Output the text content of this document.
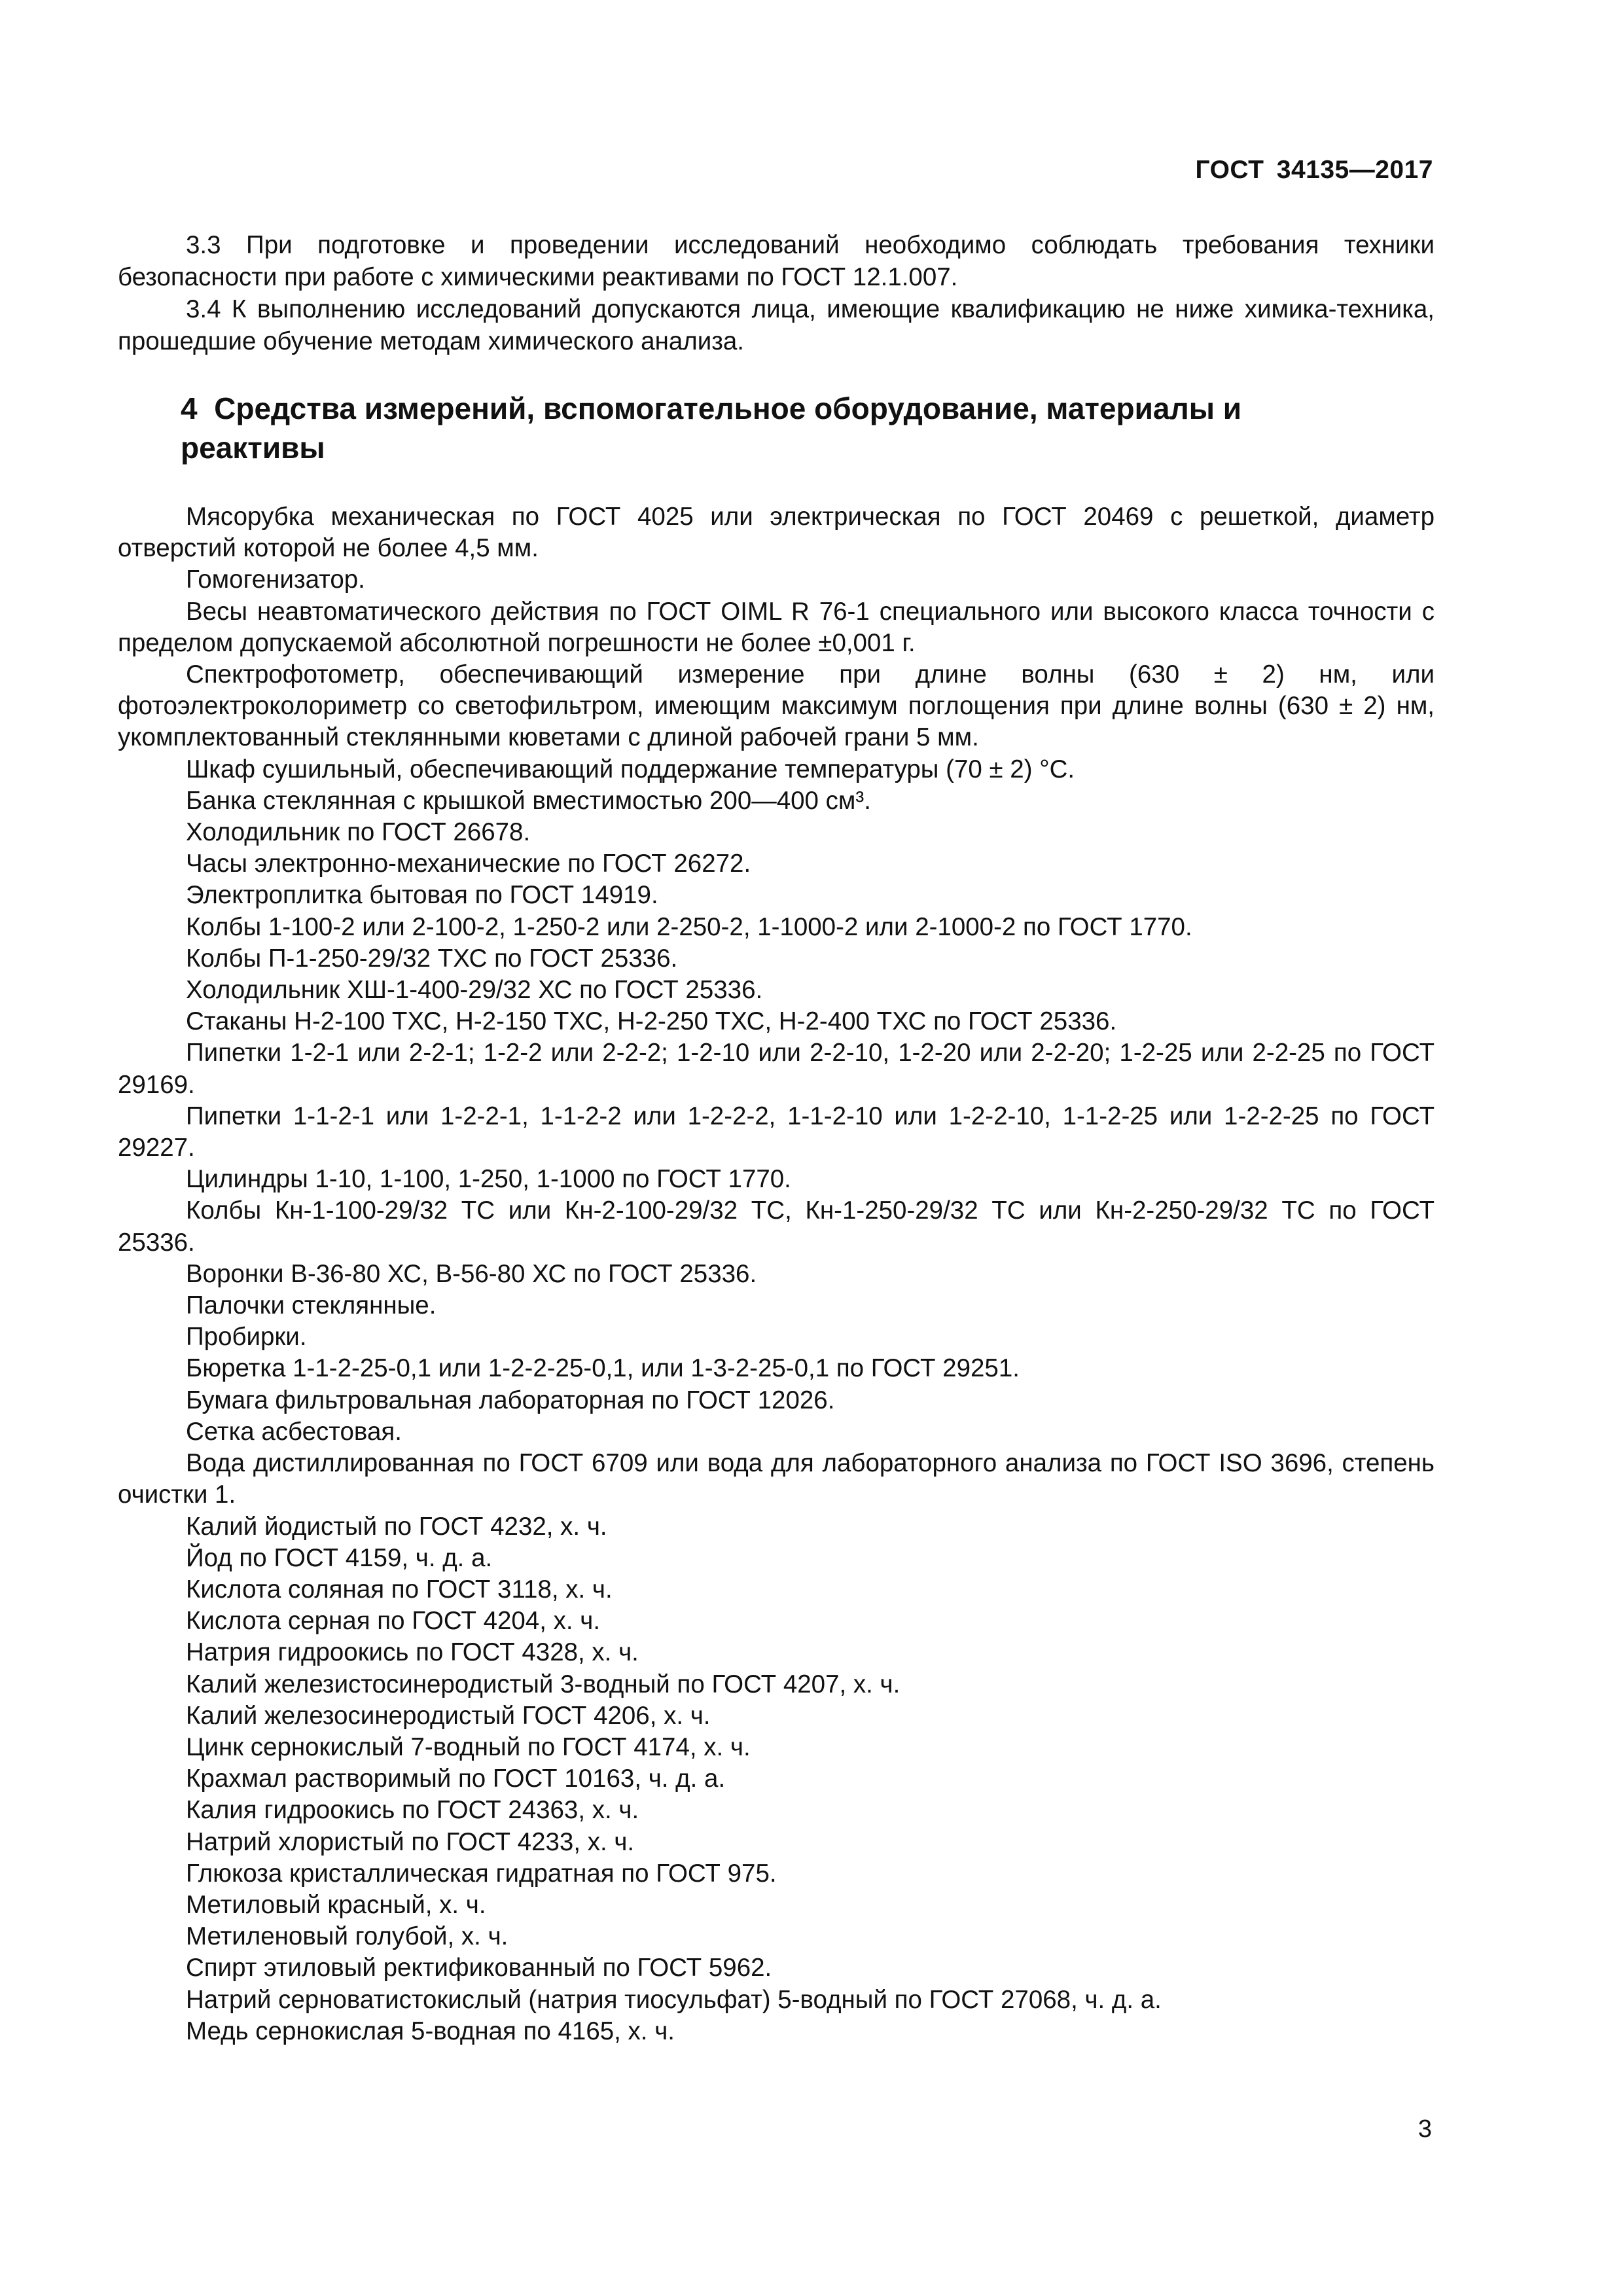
ГОСТ 34135—2017

3.3 При подготовке и проведении исследований необходимо соблюдать требования техники безопасности при работе с химическими реактивами по ГОСТ 12.1.007.

3.4 К выполнению исследований допускаются лица, имеющие квалификацию не ниже химика-техника, прошедшие обучение методам химического анализа.

4 Средства измерений, вспомогательное оборудование, материалы и реактивы

Мясорубка механическая по ГОСТ 4025 или электрическая по ГОСТ 20469 с решеткой, диаметр отверстий которой не более 4,5 мм.

Гомогенизатор.

Весы неавтоматического действия по ГОСТ OIML R 76-1 специального или высокого класса точности с пределом допускаемой абсолютной погрешности не более ±0,001 г.

Спектрофотометр, обеспечивающий измерение при длине волны (630 ± 2) нм, или фотоэлектроколориметр со светофильтром, имеющим максимум поглощения при длине волны (630 ± 2) нм, укомплектованный стеклянными кюветами с длиной рабочей грани 5 мм.

Шкаф сушильный, обеспечивающий поддержание температуры (70 ± 2) °С.

Банка стеклянная с крышкой вместимостью 200—400 см³.

Холодильник по ГОСТ 26678.

Часы электронно-механические по ГОСТ 26272.

Электроплитка бытовая по ГОСТ 14919.

Колбы 1-100-2 или 2-100-2, 1-250-2 или 2-250-2, 1-1000-2 или 2-1000-2 по ГОСТ 1770.

Колбы П-1-250-29/32 ТХС по ГОСТ 25336.

Холодильник ХШ-1-400-29/32 ХС по ГОСТ 25336.

Стаканы Н-2-100 ТХС, Н-2-150 ТХС, Н-2-250 ТХС, Н-2-400 ТХС по ГОСТ 25336.

Пипетки 1-2-1 или 2-2-1; 1-2-2 или 2-2-2; 1-2-10 или 2-2-10, 1-2-20 или 2-2-20; 1-2-25 или 2-2-25 по ГОСТ 29169.

Пипетки 1-1-2-1 или 1-2-2-1, 1-1-2-2 или 1-2-2-2, 1-1-2-10 или 1-2-2-10, 1-1-2-25 или 1-2-2-25 по ГОСТ 29227.

Цилиндры 1-10, 1-100, 1-250, 1-1000 по ГОСТ 1770.

Колбы Кн-1-100-29/32 ТС или Кн-2-100-29/32 ТС, Кн-1-250-29/32 ТС или Кн-2-250-29/32 ТС по ГОСТ 25336.

Воронки В-36-80 ХС, В-56-80 ХС по ГОСТ 25336.

Палочки стеклянные.

Пробирки.

Бюретка 1-1-2-25-0,1 или 1-2-2-25-0,1, или 1-3-2-25-0,1 по ГОСТ 29251.

Бумага фильтровальная лабораторная по ГОСТ 12026.

Сетка асбестовая.

Вода дистиллированная по ГОСТ 6709 или вода для лабораторного анализа по ГОСТ ISO 3696, степень очистки 1.

Калий йодистый по ГОСТ 4232, х. ч.

Йод по ГОСТ 4159, ч. д. а.

Кислота соляная по ГОСТ 3118, х. ч.

Кислота серная по ГОСТ 4204, х. ч.

Натрия гидроокись по ГОСТ 4328, х. ч.

Калий железистосинеродистый 3-водный по ГОСТ 4207, х. ч.

Калий железосинеродистый ГОСТ 4206, х. ч.

Цинк сернокислый 7-водный по ГОСТ 4174, х. ч.

Крахмал растворимый по ГОСТ 10163, ч. д. а.

Калия гидроокись по ГОСТ 24363, х. ч.

Натрий хлористый по ГОСТ 4233, х. ч.

Глюкоза кристаллическая гидратная по ГОСТ 975.

Метиловый красный, х. ч.

Метиленовый голубой, х. ч.

Спирт этиловый ректификованный по ГОСТ 5962.

Натрий серноватистокислый (натрия тиосульфат) 5-водный по ГОСТ 27068, ч. д. а.

Медь сернокислая 5-водная по 4165, х. ч.

3
